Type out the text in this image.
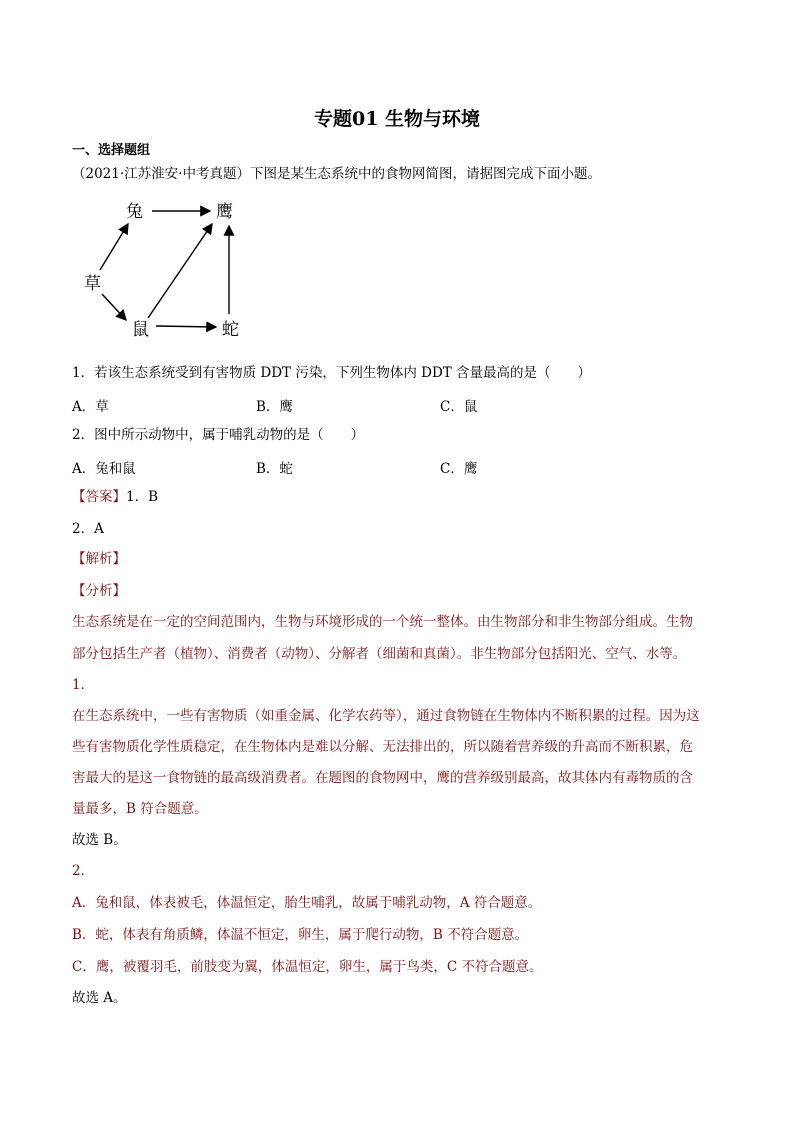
专题01 生物与环境
一、选择题组
（2021·江苏淮安·中考真题）下图是某生态系统中的食物网简图，请据图完成下面小题。
兔	鹰
草
鼠	蛇
1．若该生态系统受到有害物质 DDT 污染，下列生物体内 DDT 含量最高的是（　　）
A．草	B．鹰	C．鼠
2．图中所示动物中，属于哺乳动物的是（　　）
A．兔和鼠	B．蛇	C．鹰
【答案】1．B
2．A
【解析】
【分析】
生态系统是在一定的空间范围内，生物与环境形成的一个统一整体。由生物部分和非生物部分组成。生物
部分包括生产者（植物）、消费者（动物）、分解者（细菌和真菌）。非生物部分包括阳光、空气、水等。
1．
在生态系统中，一些有害物质（如重金属、化学农药等），通过食物链在生物体内不断积累的过程。因为这
些有害物质化学性质稳定，在生物体内是难以分解、无法排出的，所以随着营养级的升高而不断积累，危
害最大的是这一食物链的最高级消费者。在题图的食物网中，鹰的营养级别最高，故其体内有毒物质的含
量最多，B 符合题意。
故选 B。
2．
A．兔和鼠，体表被毛，体温恒定，胎生哺乳，故属于哺乳动物，A 符合题意。
B．蛇，体表有角质鳞，体温不恒定，卵生，属于爬行动物，B 不符合题意。
C．鹰，被覆羽毛，前肢变为翼，体温恒定，卵生，属于鸟类，C 不符合题意。
故选 A。
